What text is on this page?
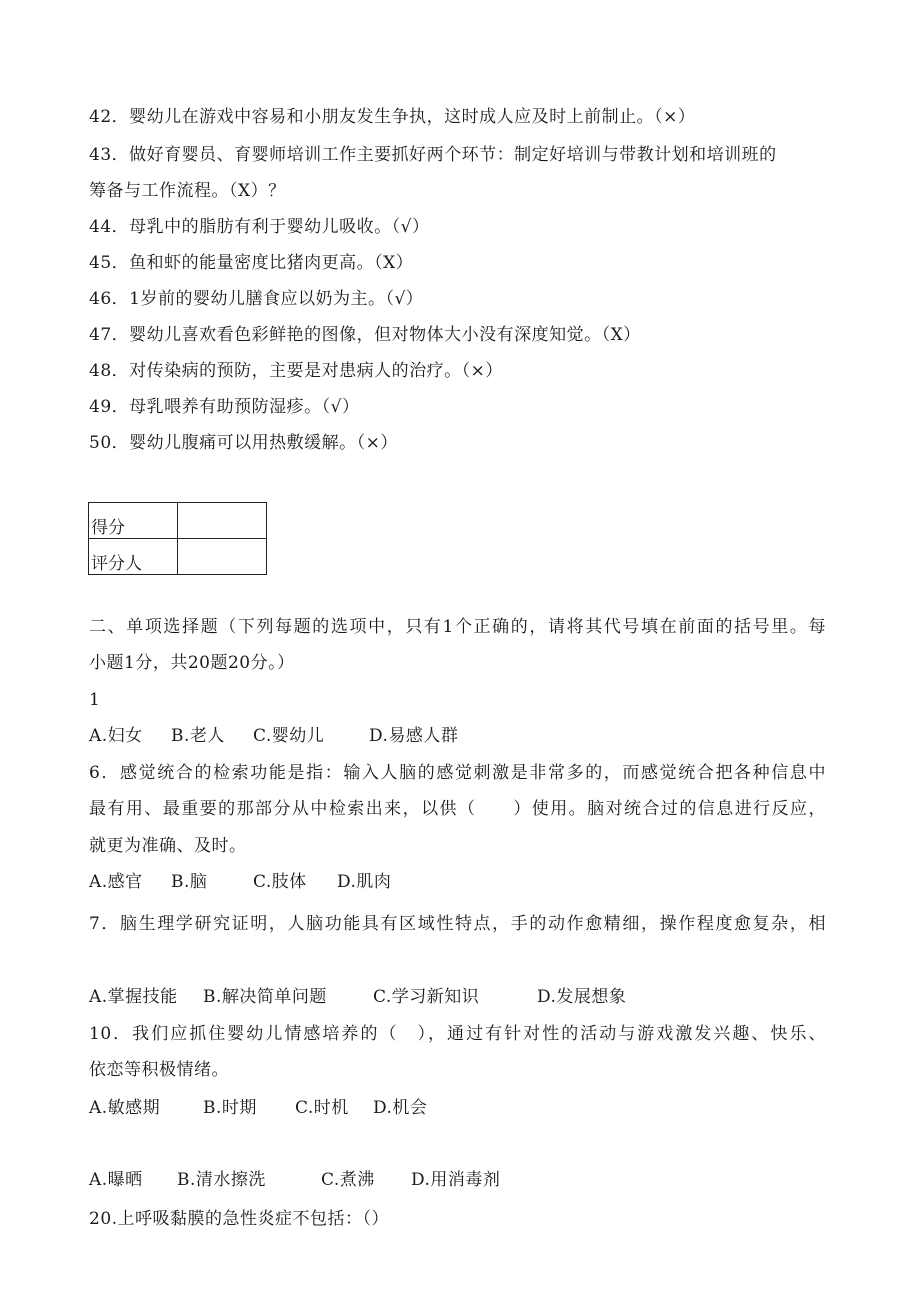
42．婴幼儿在游戏中容易和小朋友发生争执，这时成人应及时上前制止。（×）
43．做好育婴员、育婴师培训工作主要抓好两个环节：制定好培训与带教计划和培训班的
筹备与工作流程。（X）？
44．母乳中的脂肪有利于婴幼儿吸收。（√）
45．鱼和虾的能量密度比猪肉更高。（X）
46．1岁前的婴幼儿膳食应以奶为主。（√）
47．婴幼儿喜欢看色彩鲜艳的图像，但对物体大小没有深度知觉。（X）
48．对传染病的预防，主要是对患病人的治疗。（×）
49．母乳喂养有助预防湿疹。（√）
50．婴幼儿腹痛可以用热敷缓解。（×）
得分	
评分人	
二、单项选择题（下列每题的选项中，只有1个正确的，请将其代号填在前面的括号里。每
小题1分，共20题20分。）
1
A.妇女 B.老人 C.婴幼儿	D.易感人群
6．感觉统合的检索功能是指：输入人脑的感觉刺激是非常多的，而感觉统合把各种信息中
最有用、最重要的那部分从中检索出来，以供（　　）使用。脑对统合过的信息进行反应，
就更为准确、及时。
A.感官 B.脑	C.肢体 D.肌肉
7．脑生理学研究证明，人脑功能具有区域性特点，手的动作愈精细，操作程度愈复杂，相
A.掌握技能 B.解决简单问题	C.学习新知识	D.发展想象
10．我们应抓住婴幼儿情感培养的（　），通过有针对性的活动与游戏激发兴趣、快乐、
依恋等积极情绪。
A.敏感期	B.时期 C.时机 D.机会
A.曝晒 B.清水擦洗	C.煮沸 D.用消毒剂
20.上呼吸黏膜的急性炎症不包括：（）
